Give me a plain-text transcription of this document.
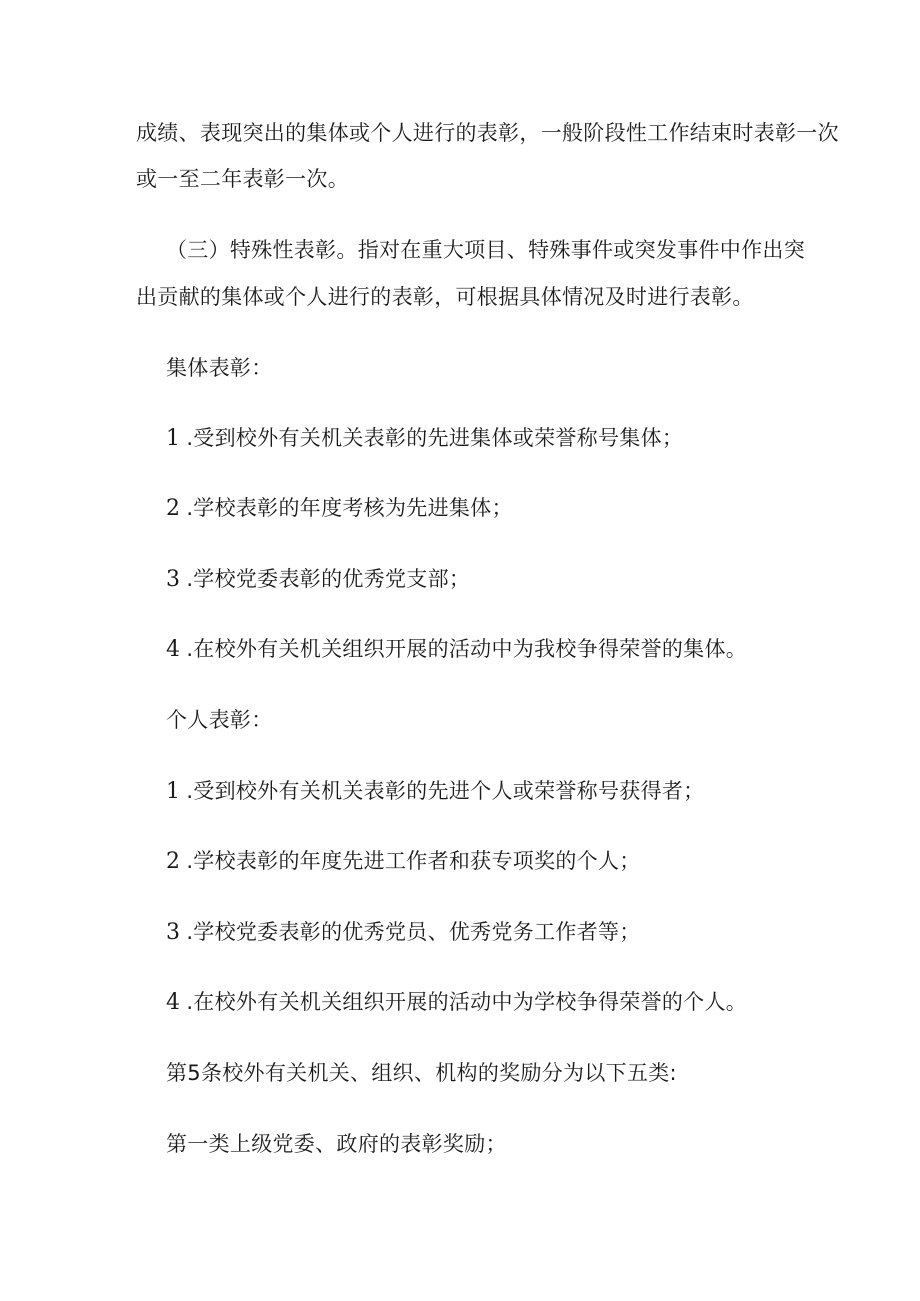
成绩、表现突出的集体或个人进行的表彰，一般阶段性工作结束时表彰一次
或一至二年表彰一次。
（三）特殊性表彰。指对在重大项目、特殊事件或突发事件中作出突
出贡献的集体或个人进行的表彰，可根据具体情况及时进行表彰。
集体表彰：
1 .受到校外有关机关表彰的先进集体或荣誉称号集体；
2 .学校表彰的年度考核为先进集体；
3 .学校党委表彰的优秀党支部；
4 .在校外有关机关组织开展的活动中为我校争得荣誉的集体。
个人表彰：
1 .受到校外有关机关表彰的先进个人或荣誉称号获得者；
2 .学校表彰的年度先进工作者和获专项奖的个人；
3 .学校党委表彰的优秀党员、优秀党务工作者等；
4 .在校外有关机关组织开展的活动中为学校争得荣誉的个人。
第5条校外有关机关、组织、机构的奖励分为以下五类:
第一类上级党委、政府的表彰奖励；
